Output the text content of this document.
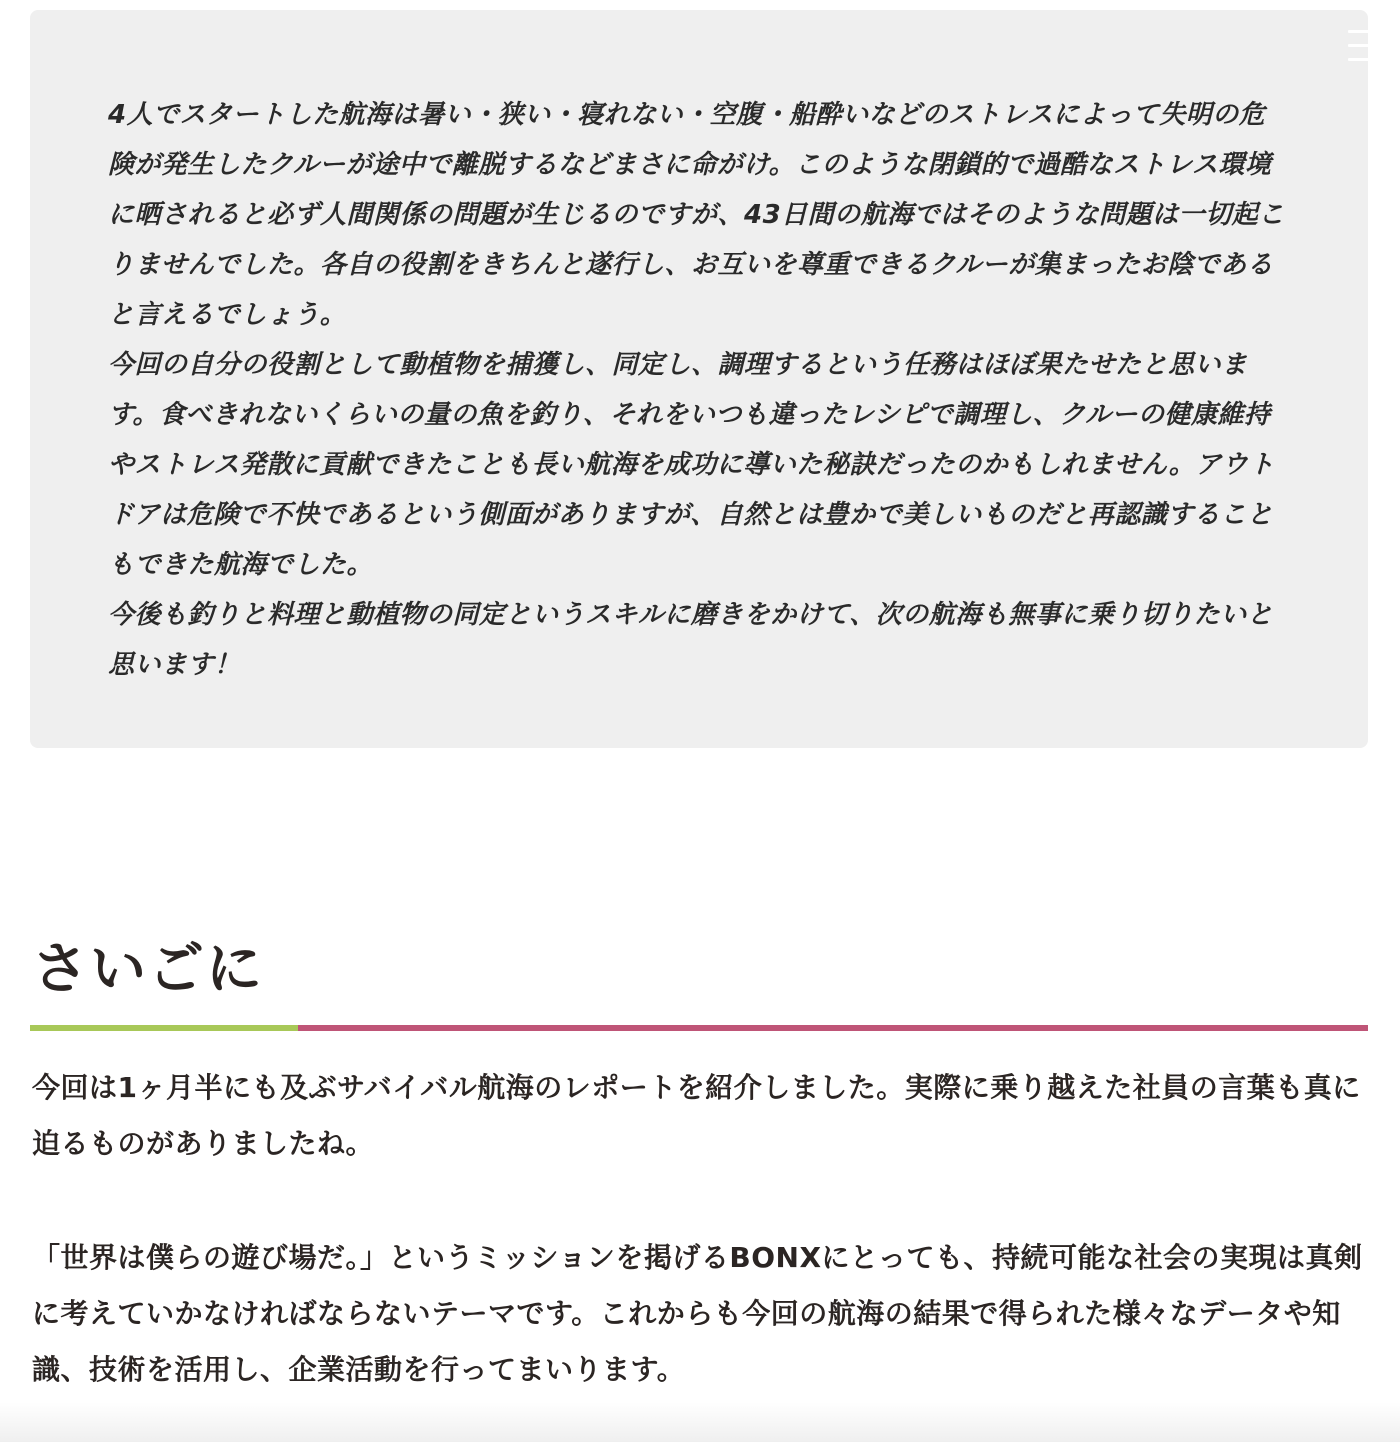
4人でスタートした航海は暑い・狭い・寝れない・空腹・船酔いなどのストレスによって失明の危険が発生したクルーが途中で離脱するなどまさに命がけ。このような閉鎖的で過酷なストレス環境に晒されると必ず人間関係の問題が生じるのですが、43日間の航海ではそのような問題は一切起こりませんでした。各自の役割をきちんと遂行し、お互いを尊重できるクルーが集まったお陰であると言えるでしょう。

今回の自分の役割として動植物を捕獲し、同定し、調理するという任務はほぼ果たせたと思います。食べきれないくらいの量の魚を釣り、それをいつも違ったレシピで調理し、クルーの健康維持やストレス発散に貢献できたことも長い航海を成功に導いた秘訣だったのかもしれません。アウトドアは危険で不快であるという側面がありますが、自然とは豊かで美しいものだと再認識することもできた航海でした。

今後も釣りと料理と動植物の同定というスキルに磨きをかけて、次の航海も無事に乗り切りたいと思います！

さいごに

今回は1ヶ月半にも及ぶサバイバル航海のレポートを紹介しました。実際に乗り越えた社員の言葉も真に迫るものがありましたね。

「世界は僕らの遊び場だ。」というミッションを掲げるBONXにとっても、持続可能な社会の実現は真剣に考えていかなければならないテーマです。これからも今回の航海の結果で得られた様々なデータや知識、技術を活用し、企業活動を行ってまいります。
